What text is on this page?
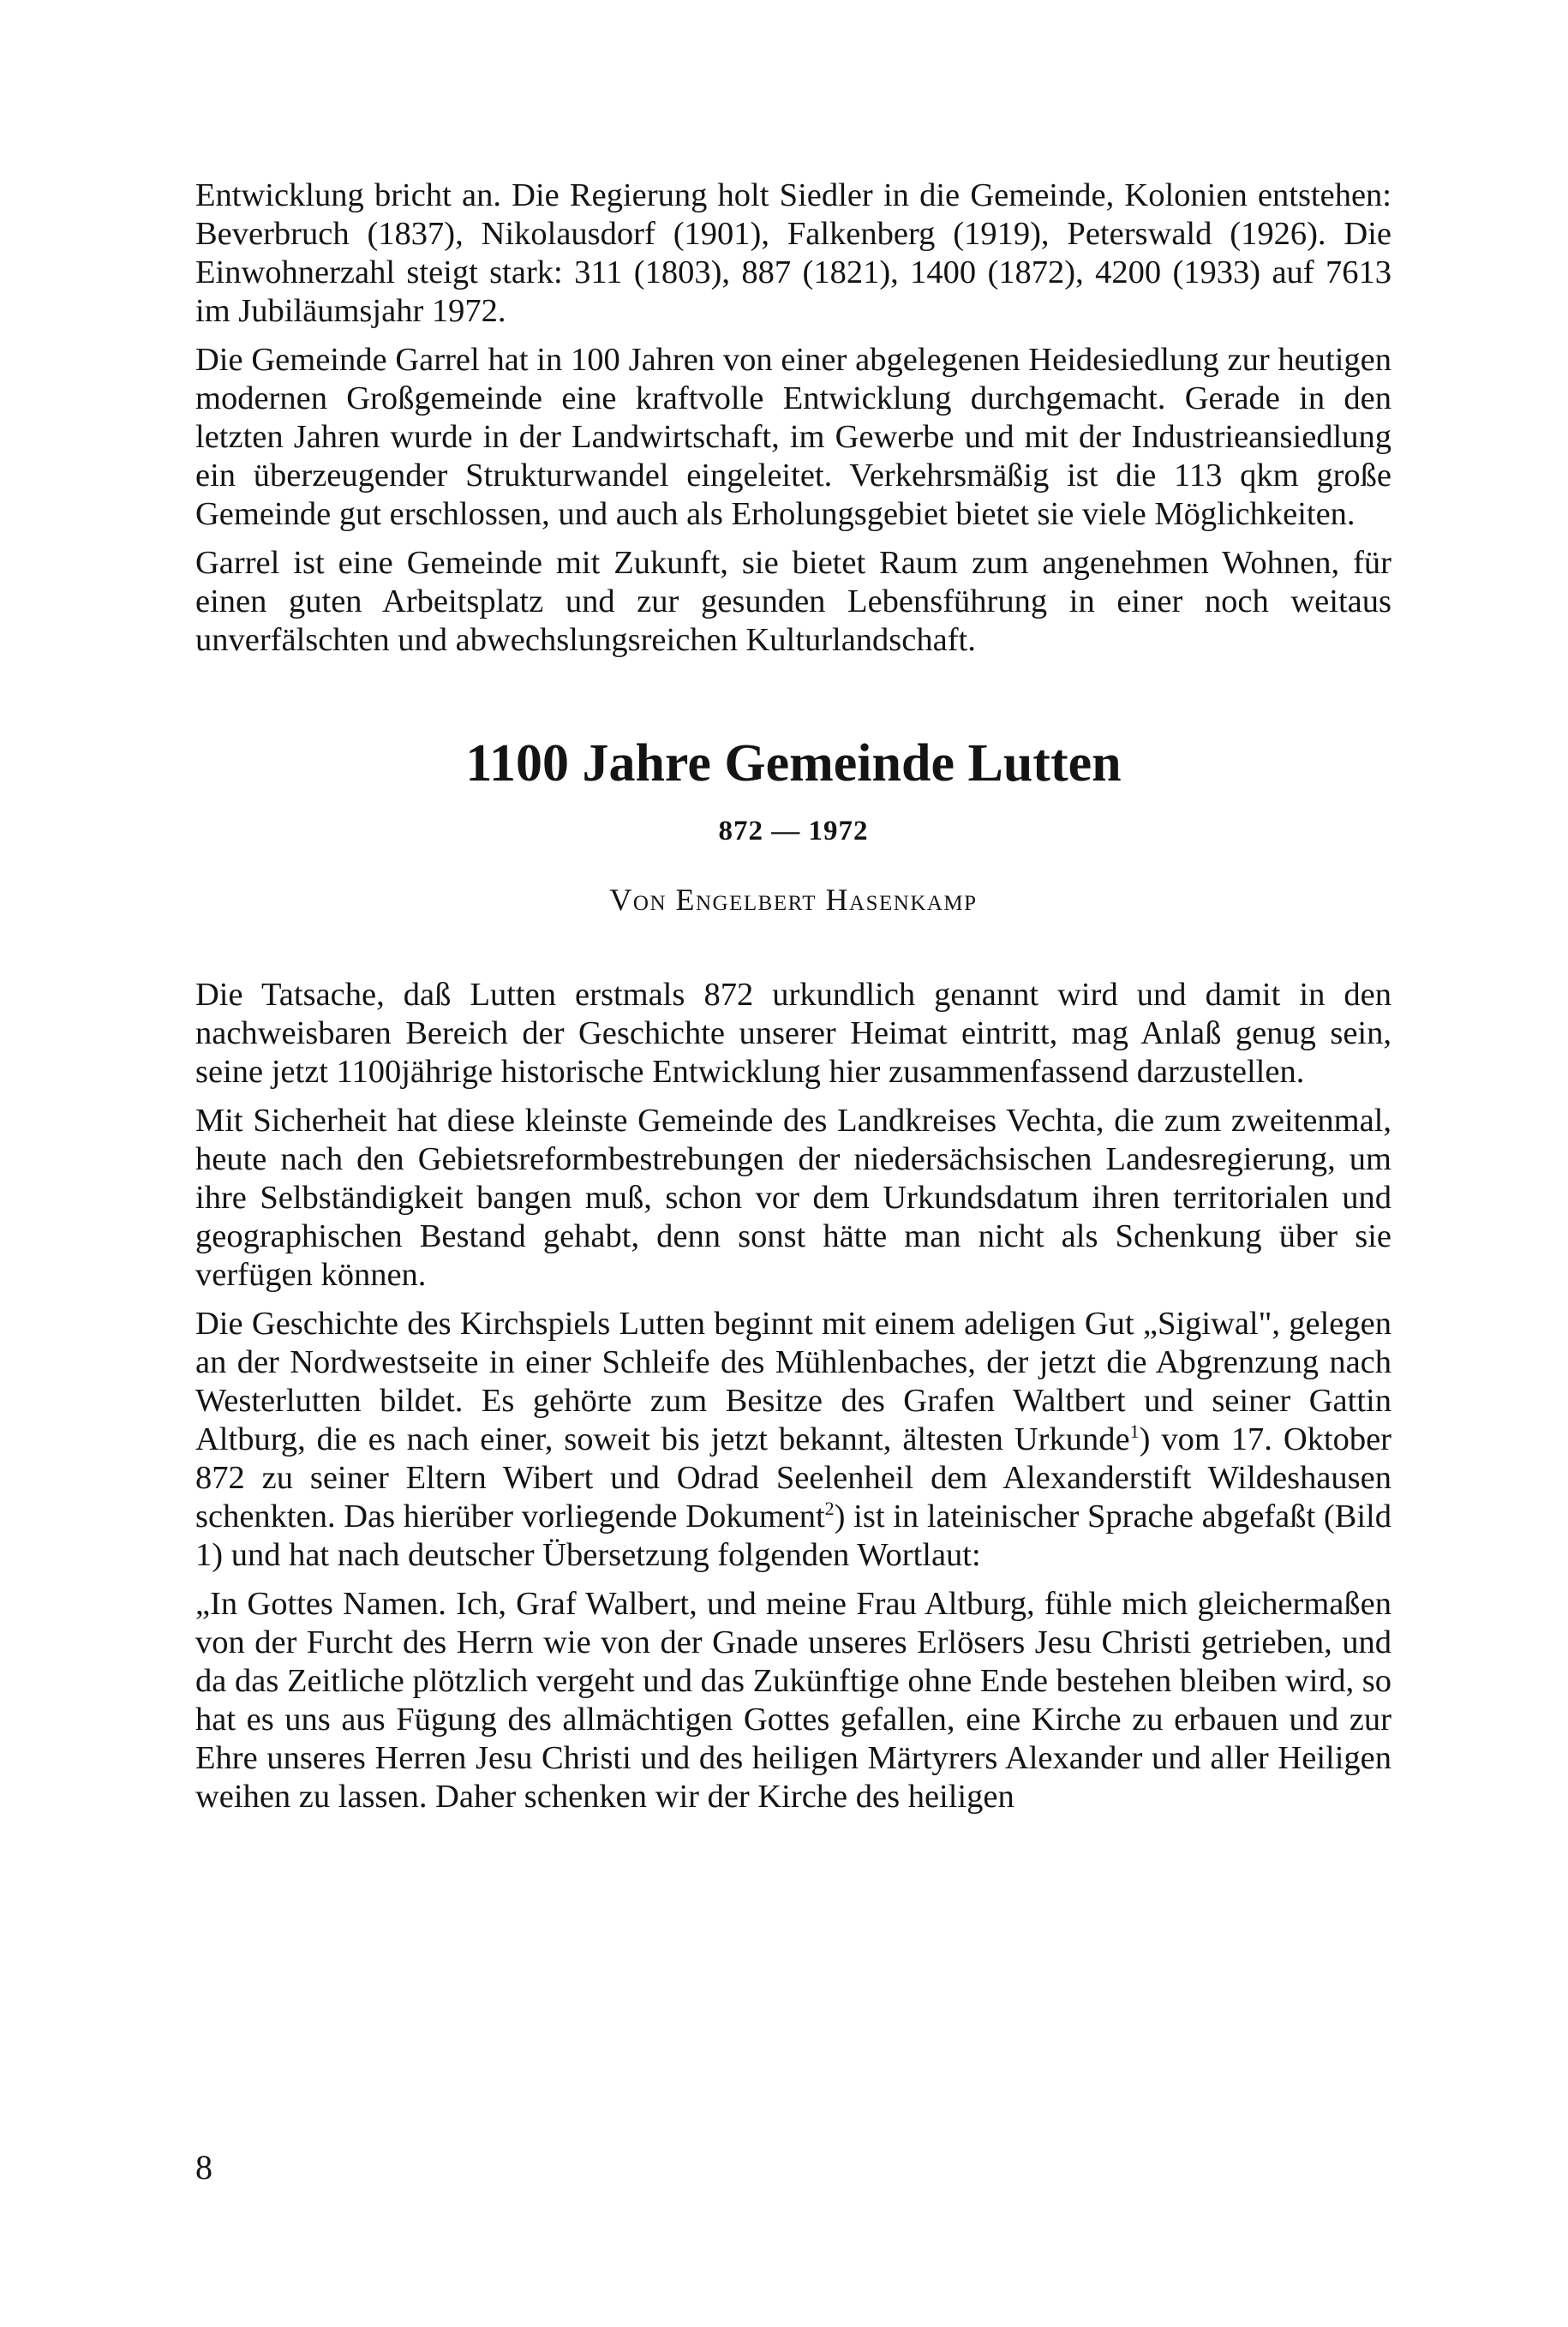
Entwicklung bricht an. Die Regierung holt Siedler in die Gemeinde, Kolonien entstehen: Beverbruch (1837), Nikolausdorf (1901), Falkenberg (1919), Peterswald (1926). Die Einwohnerzahl steigt stark: 311 (1803), 887 (1821), 1400 (1872), 4200 (1933) auf 7613 im Jubiläumsjahr 1972.

Die Gemeinde Garrel hat in 100 Jahren von einer abgelegenen Heidesiedlung zur heutigen modernen Großgemeinde eine kraftvolle Entwicklung durchgemacht. Gerade in den letzten Jahren wurde in der Landwirtschaft, im Gewerbe und mit der Industrieansiedlung ein überzeugender Strukturwandel eingeleitet. Verkehrsmäßig ist die 113 qkm große Gemeinde gut erschlossen, und auch als Erholungsgebiet bietet sie viele Möglichkeiten.

Garrel ist eine Gemeinde mit Zukunft, sie bietet Raum zum angenehmen Wohnen, für einen guten Arbeitsplatz und zur gesunden Lebensführung in einer noch weitaus unverfälschten und abwechslungsreichen Kulturlandschaft.

1100 Jahre Gemeinde Lutten
872 — 1972
Von Engelbert Hasenkamp

Die Tatsache, daß Lutten erstmals 872 urkundlich genannt wird und damit in den nachweisbaren Bereich der Geschichte unserer Heimat eintritt, mag Anlaß genug sein, seine jetzt 1100jährige historische Entwicklung hier zusammenfassend darzustellen.

Mit Sicherheit hat diese kleinste Gemeinde des Landkreises Vechta, die zum zweitenmal, heute nach den Gebietsreformbestrebungen der niedersächsischen Landesregierung, um ihre Selbständigkeit bangen muß, schon vor dem Urkundsdatum ihren territorialen und geographischen Bestand gehabt, denn sonst hätte man nicht als Schenkung über sie verfügen können.

Die Geschichte des Kirchspiels Lutten beginnt mit einem adeligen Gut „Sigiwal", gelegen an der Nordwestseite in einer Schleife des Mühlenbaches, der jetzt die Abgrenzung nach Westerlutten bildet. Es gehörte zum Besitze des Grafen Waltbert und seiner Gattin Altburg, die es nach einer, soweit bis jetzt bekannt, ältesten Urkunde$^1$) vom 17. Oktober 872 zu seiner Eltern Wibert und Odrad Seelenheil dem Alexanderstift Wildeshausen schenkten. Das hierüber vorliegende Dokument$^2$) ist in lateinischer Sprache abgefaßt (Bild 1) und hat nach deutscher Übersetzung folgenden Wortlaut:

„In Gottes Namen. Ich, Graf Walbert, und meine Frau Altburg, fühle mich gleichermaßen von der Furcht des Herrn wie von der Gnade unseres Erlösers Jesu Christi getrieben, und da das Zeitliche plötzlich vergeht und das Zukünftige ohne Ende bestehen bleiben wird, so hat es uns aus Fügung des allmächtigen Gottes gefallen, eine Kirche zu erbauen und zur Ehre unseres Herren Jesu Christi und des heiligen Märtyrers Alexander und aller Heiligen weihen zu lassen. Daher schenken wir der Kirche des heiligen

8
